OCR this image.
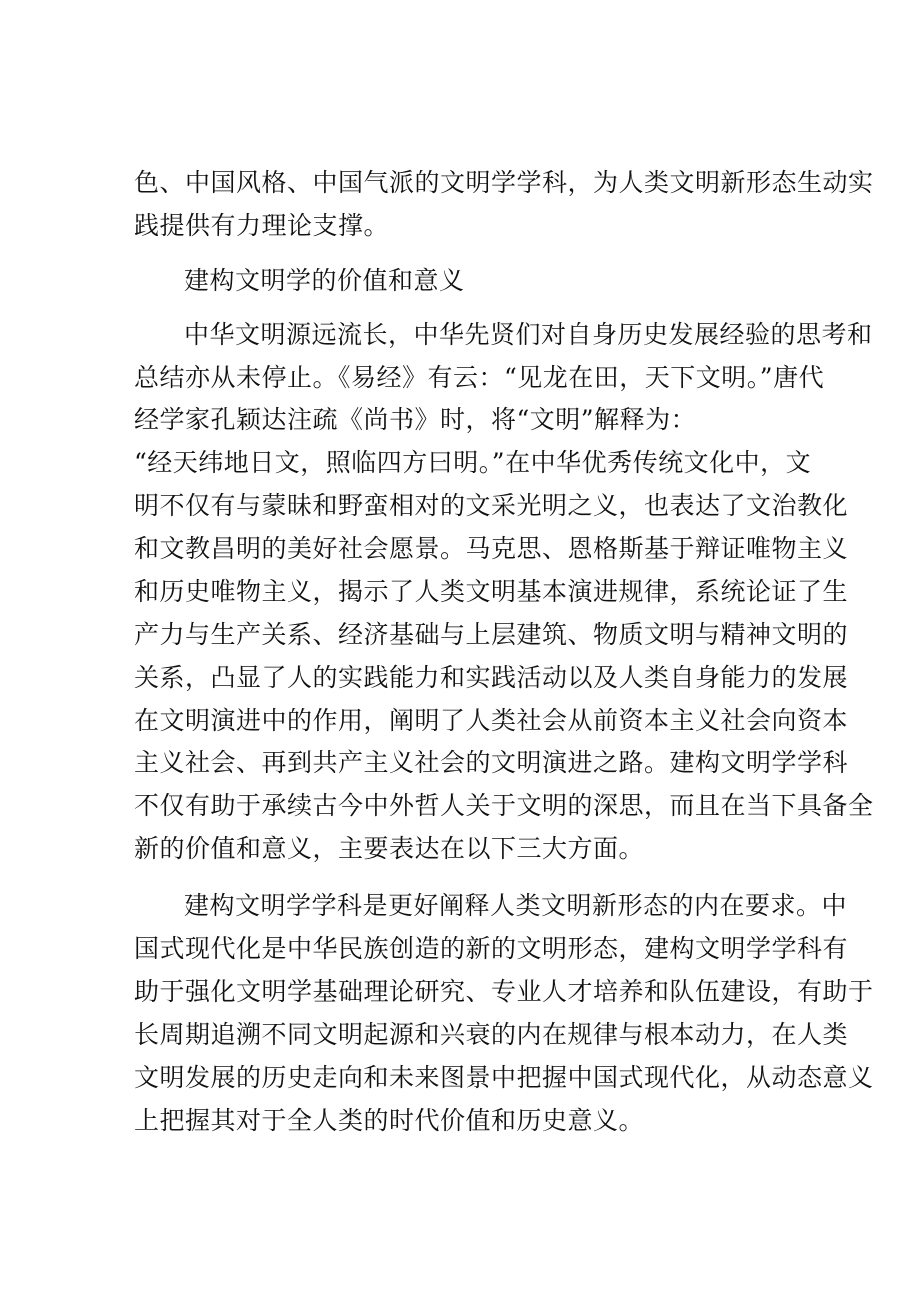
色、中国风格、中国气派的文明学学科，为人类文明新形态生动实

践提供有力理论支撑。

建构文明学的价值和意义

中华文明源远流长，中华先贤们对自身历史发展经验的思考和

总结亦从未停止。《易经》有云：“见龙在田，天下文明。”唐代

经学家孔颖达注疏《尚书》时，将“文明”解释为：

“经天纬地日文，照临四方曰明。”在中华优秀传统文化中，文

明不仅有与蒙昧和野蛮相对的文采光明之义，也表达了文治教化

和文教昌明的美好社会愿景。马克思、恩格斯基于辩证唯物主义

和历史唯物主义，揭示了人类文明基本演进规律，系统论证了生

产力与生产关系、经济基础与上层建筑、物质文明与精神文明的

关系，凸显了人的实践能力和实践活动以及人类自身能力的发展

在文明演进中的作用，阐明了人类社会从前资本主义社会向资本

主义社会、再到共产主义社会的文明演进之路。建构文明学学科

不仅有助于承续古今中外哲人关于文明的深思，而且在当下具备全

新的价值和意义，主要表达在以下三大方面。

建构文明学学科是更好阐释人类文明新形态的内在要求。中

国式现代化是中华民族创造的新的文明形态，建构文明学学科有

助于强化文明学基础理论研究、专业人才培养和队伍建设，有助于

长周期追溯不同文明起源和兴衰的内在规律与根本动力，在人类

文明发展的历史走向和未来图景中把握中国式现代化，从动态意义

上把握其对于全人类的时代价值和历史意义。
